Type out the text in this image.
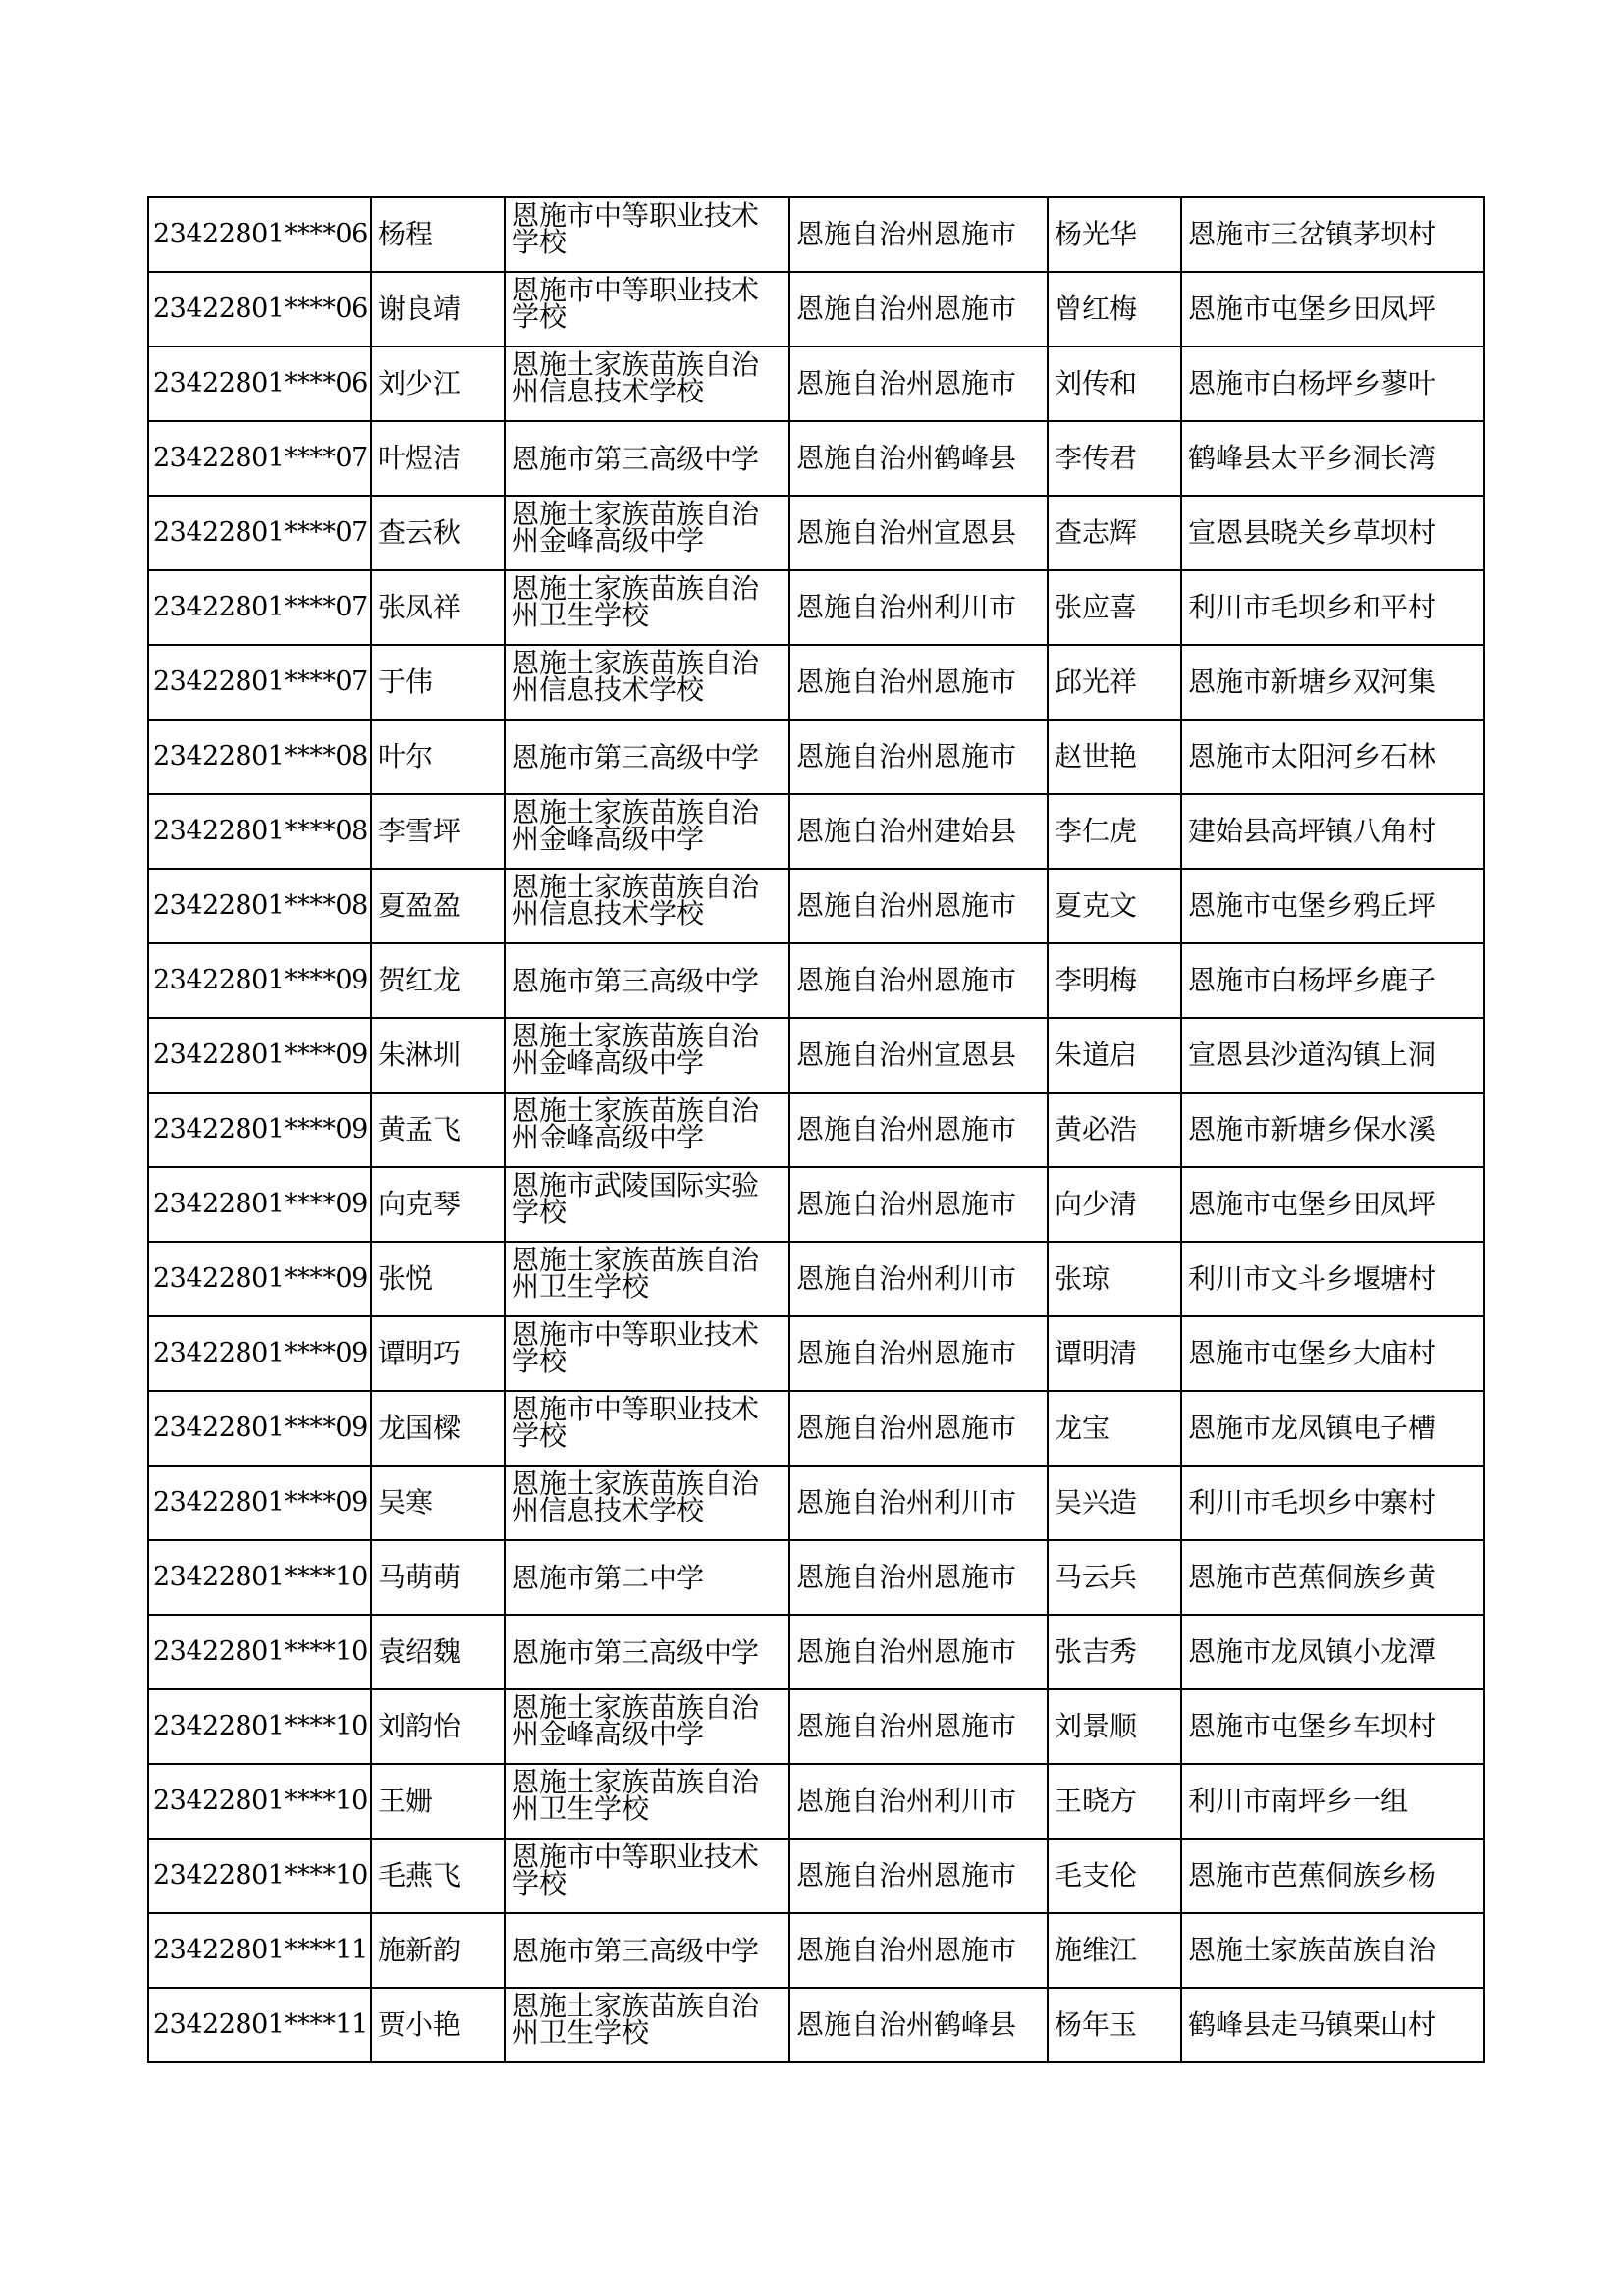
23422801****06	杨程	恩施市中等职业技术学校	恩施自治州恩施市	杨光华	恩施市三岔镇茅坝村
23422801****06	谢良靖	恩施市中等职业技术学校	恩施自治州恩施市	曾红梅	恩施市屯堡乡田凤坪
23422801****06	刘少江	恩施土家族苗族自治州信息技术学校	恩施自治州恩施市	刘传和	恩施市白杨坪乡蓼叶
23422801****07	叶煜洁	恩施市第三高级中学	恩施自治州鹤峰县	李传君	鹤峰县太平乡洞长湾
23422801****07	查云秋	恩施土家族苗族自治州金峰高级中学	恩施自治州宣恩县	查志辉	宣恩县晓关乡草坝村
23422801****07	张凤祥	恩施土家族苗族自治州卫生学校	恩施自治州利川市	张应喜	利川市毛坝乡和平村
23422801****07	于伟	恩施土家族苗族自治州信息技术学校	恩施自治州恩施市	邱光祥	恩施市新塘乡双河集
23422801****08	叶尔	恩施市第三高级中学	恩施自治州恩施市	赵世艳	恩施市太阳河乡石林
23422801****08	李雪坪	恩施土家族苗族自治州金峰高级中学	恩施自治州建始县	李仁虎	建始县高坪镇八角村
23422801****08	夏盈盈	恩施土家族苗族自治州信息技术学校	恩施自治州恩施市	夏克文	恩施市屯堡乡鸦丘坪
23422801****09	贺红龙	恩施市第三高级中学	恩施自治州恩施市	李明梅	恩施市白杨坪乡鹿子
23422801****09	朱淋圳	恩施土家族苗族自治州金峰高级中学	恩施自治州宣恩县	朱道启	宣恩县沙道沟镇上洞
23422801****09	黄孟飞	恩施土家族苗族自治州金峰高级中学	恩施自治州恩施市	黄必浩	恩施市新塘乡保水溪
23422801****09	向克琴	恩施市武陵国际实验学校	恩施自治州恩施市	向少清	恩施市屯堡乡田凤坪
23422801****09	张悦	恩施土家族苗族自治州卫生学校	恩施自治州利川市	张琼	利川市文斗乡堰塘村
23422801****09	谭明巧	恩施市中等职业技术学校	恩施自治州恩施市	谭明清	恩施市屯堡乡大庙村
23422801****09	龙国樑	恩施市中等职业技术学校	恩施自治州恩施市	龙宝	恩施市龙凤镇电子槽
23422801****09	吴寒	恩施土家族苗族自治州信息技术学校	恩施自治州利川市	吴兴造	利川市毛坝乡中寨村
23422801****10	马萌萌	恩施市第二中学	恩施自治州恩施市	马云兵	恩施市芭蕉侗族乡黄
23422801****10	袁绍魏	恩施市第三高级中学	恩施自治州恩施市	张吉秀	恩施市龙凤镇小龙潭
23422801****10	刘韵怡	恩施土家族苗族自治州金峰高级中学	恩施自治州恩施市	刘景顺	恩施市屯堡乡车坝村
23422801****10	王姗	恩施土家族苗族自治州卫生学校	恩施自治州利川市	王晓方	利川市南坪乡一组
23422801****10	毛燕飞	恩施市中等职业技术学校	恩施自治州恩施市	毛支伦	恩施市芭蕉侗族乡杨
23422801****11	施新韵	恩施市第三高级中学	恩施自治州恩施市	施维江	恩施土家族苗族自治
23422801****11	贾小艳	恩施土家族苗族自治州卫生学校	恩施自治州鹤峰县	杨年玉	鹤峰县走马镇栗山村
